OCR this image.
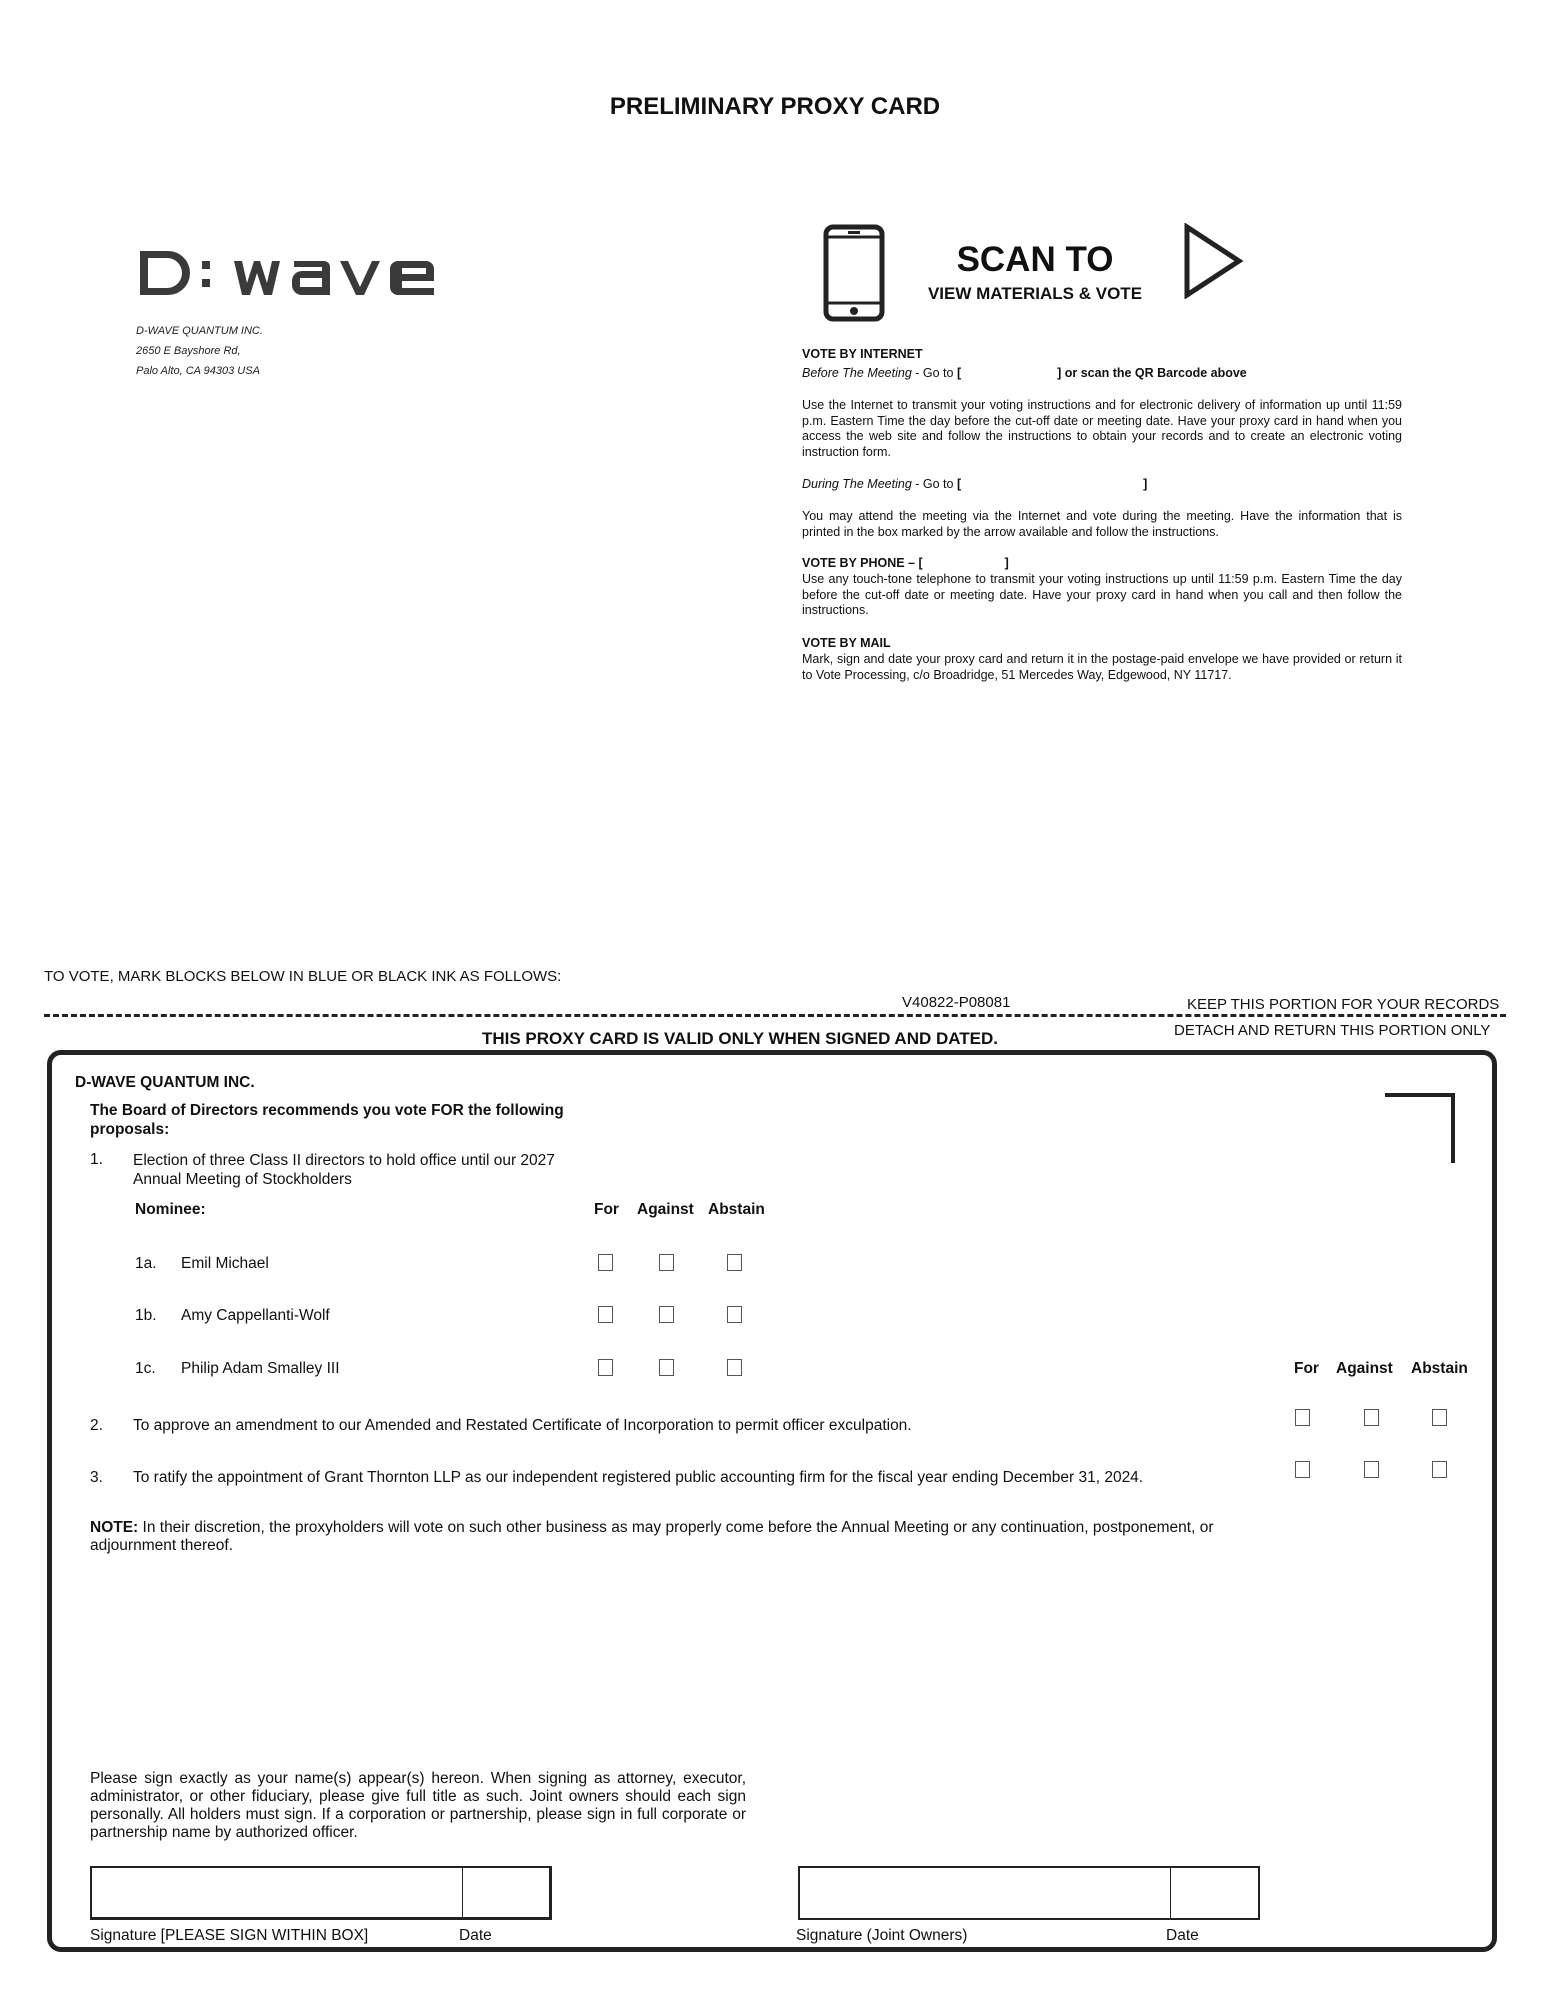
PRELIMINARY PROXY CARD
D-WAVE QUANTUM INC.
2650 E Bayshore Rd,
Palo Alto, CA 94303 USA
SCAN TO
VIEW MATERIALS & VOTE
VOTE BY INTERNET
Before The Meeting - Go to [	] or scan the QR Barcode above
Use the Internet to transmit your voting instructions and for electronic delivery of information up until 11:59 p.m. Eastern Time the day before the cut-off date or meeting date. Have your proxy card in hand when you access the web site and follow the instructions to obtain your records and to create an electronic voting instruction form.
During The Meeting - Go to [	]
You may attend the meeting via the Internet and vote during the meeting. Have the information that is printed in the box marked by the arrow available and follow the instructions.
VOTE BY PHONE – [	]
Use any touch-tone telephone to transmit your voting instructions up until 11:59 p.m. Eastern Time the day before the cut-off date or meeting date. Have your proxy card in hand when you call and then follow the instructions.
VOTE BY MAIL
Mark, sign and date your proxy card and return it in the postage-paid envelope we have provided or return it to Vote Processing, c/o Broadridge, 51 Mercedes Way, Edgewood, NY 11717.
TO VOTE, MARK BLOCKS BELOW IN BLUE OR BLACK INK AS FOLLOWS:
V40822-P08081	KEEP THIS PORTION FOR YOUR RECORDS
DETACH AND RETURN THIS PORTION ONLY
THIS PROXY CARD IS VALID ONLY WHEN SIGNED AND DATED.
D-WAVE QUANTUM INC.
The Board of Directors recommends you vote FOR the following proposals:
1. Election of three Class II directors to hold office until our 2027 Annual Meeting of Stockholders
Nominee:	For Against Abstain
1a. Emil Michael
1b. Amy Cappellanti-Wolf
1c. Philip Adam Smalley III	For Against Abstain
2. To approve an amendment to our Amended and Restated Certificate of Incorporation to permit officer exculpation.
3. To ratify the appointment of Grant Thornton LLP as our independent registered public accounting firm for the fiscal year ending December 31, 2024.
NOTE: In their discretion, the proxyholders will vote on such other business as may properly come before the Annual Meeting or any continuation, postponement, or adjournment thereof.
Please sign exactly as your name(s) appear(s) hereon. When signing as attorney, executor, administrator, or other fiduciary, please give full title as such. Joint owners should each sign personally. All holders must sign. If a corporation or partnership, please sign in full corporate or partnership name by authorized officer.
Signature [PLEASE SIGN WITHIN BOX]	Date	Signature (Joint Owners)	Date
